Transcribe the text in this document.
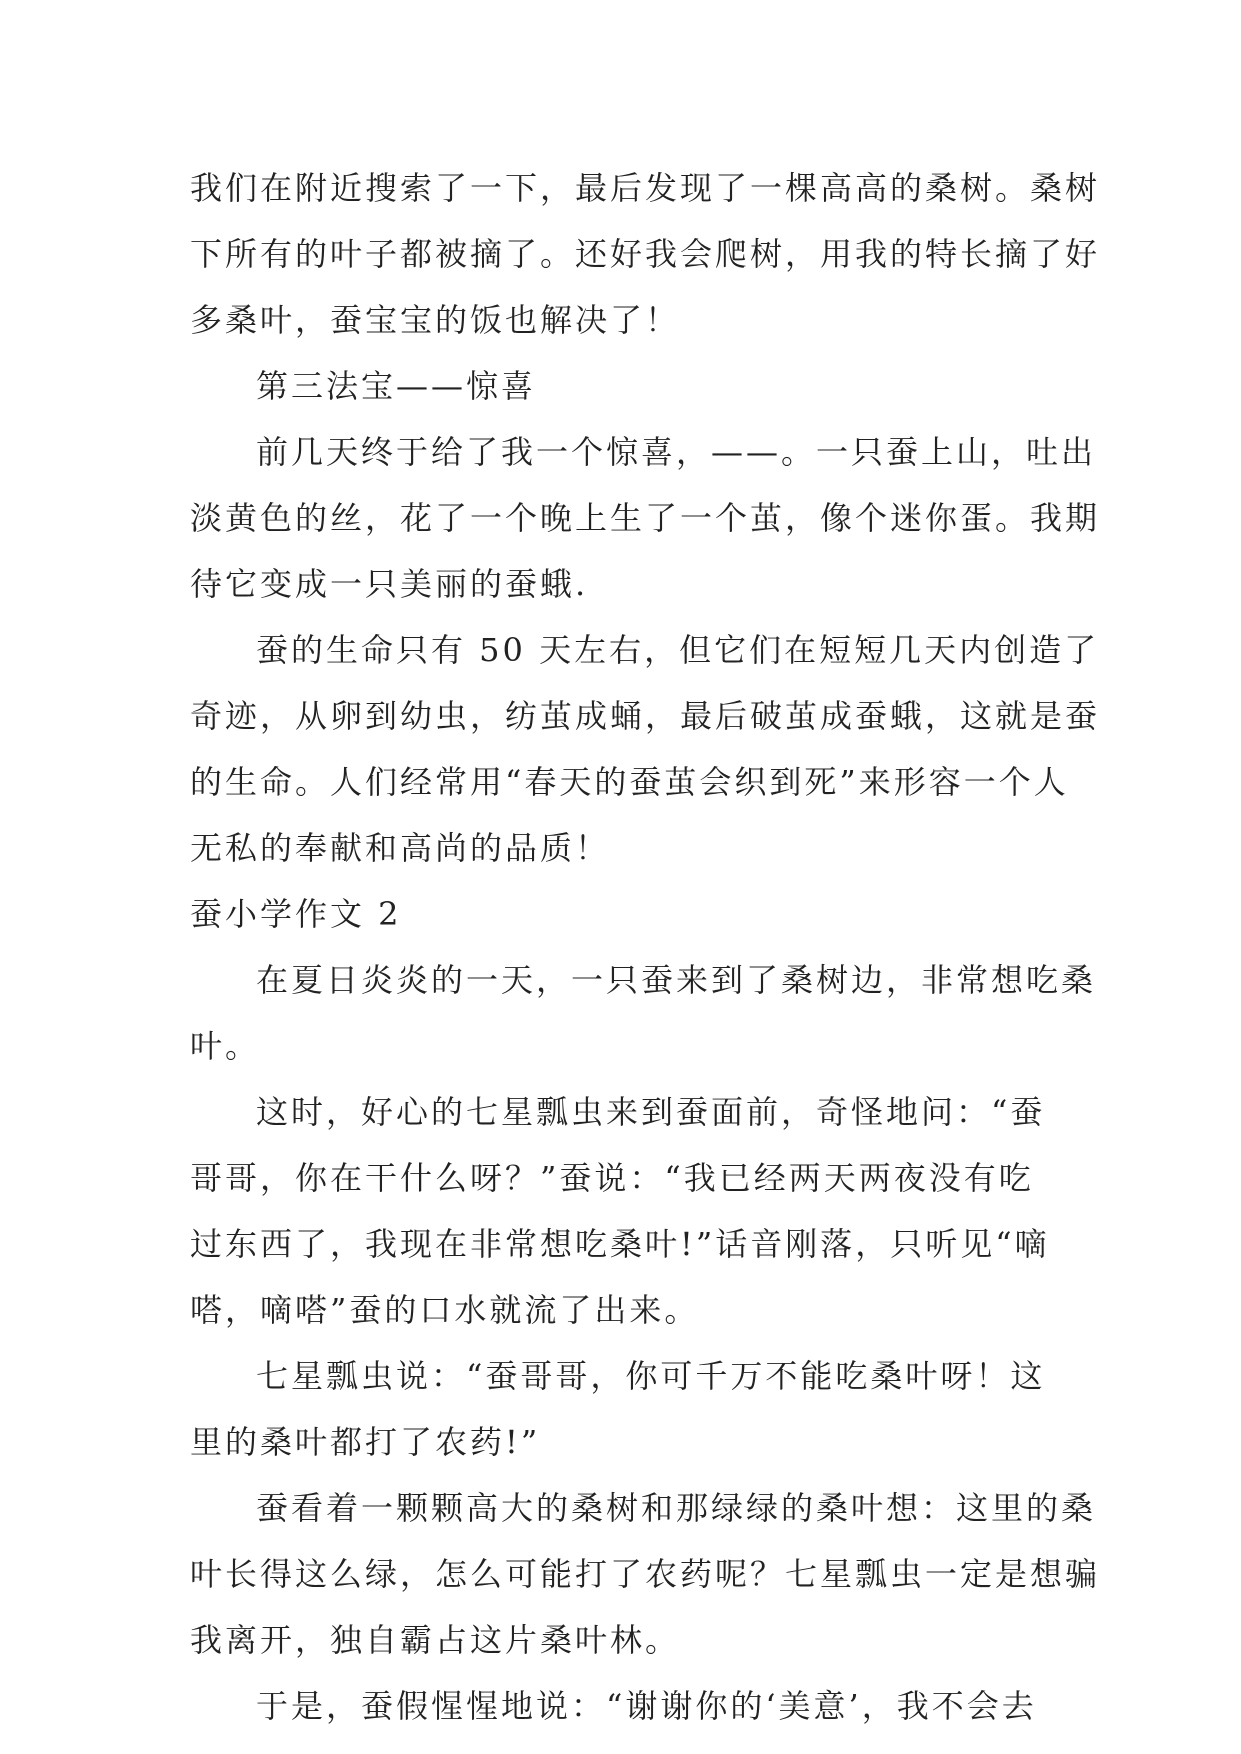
我们在附近搜索了一下，最后发现了一棵高高的桑树。桑树
下所有的叶子都被摘了。还好我会爬树，用我的特长摘了好
多桑叶，蚕宝宝的饭也解决了！
第三法宝——惊喜
前几天终于给了我一个惊喜，——。一只蚕上山，吐出
淡黄色的丝，花了一个晚上生了一个茧，像个迷你蛋。我期
待它变成一只美丽的蚕蛾.
蚕的生命只有 50 天左右，但它们在短短几天内创造了
奇迹，从卵到幼虫，纺茧成蛹，最后破茧成蚕蛾，这就是蚕
的生命。人们经常用“春天的蚕茧会织到死”来形容一个人
无私的奉献和高尚的品质！
蚕小学作文 2
在夏日炎炎的一天，一只蚕来到了桑树边，非常想吃桑
叶。
这时，好心的七星瓢虫来到蚕面前，奇怪地问：“蚕
哥哥，你在干什么呀？”蚕说：“我已经两天两夜没有吃
过东西了，我现在非常想吃桑叶!”话音刚落，只听见“嘀
嗒，嘀嗒”蚕的口水就流了出来。
七星瓢虫说：“蚕哥哥，你可千万不能吃桑叶呀！这
里的桑叶都打了农药!”
蚕看着一颗颗高大的桑树和那绿绿的桑叶想：这里的桑
叶长得这么绿，怎么可能打了农药呢？七星瓢虫一定是想骗
我离开，独自霸占这片桑叶林。
于是，蚕假惺惺地说：“谢谢你的‘美意’，我不会去
